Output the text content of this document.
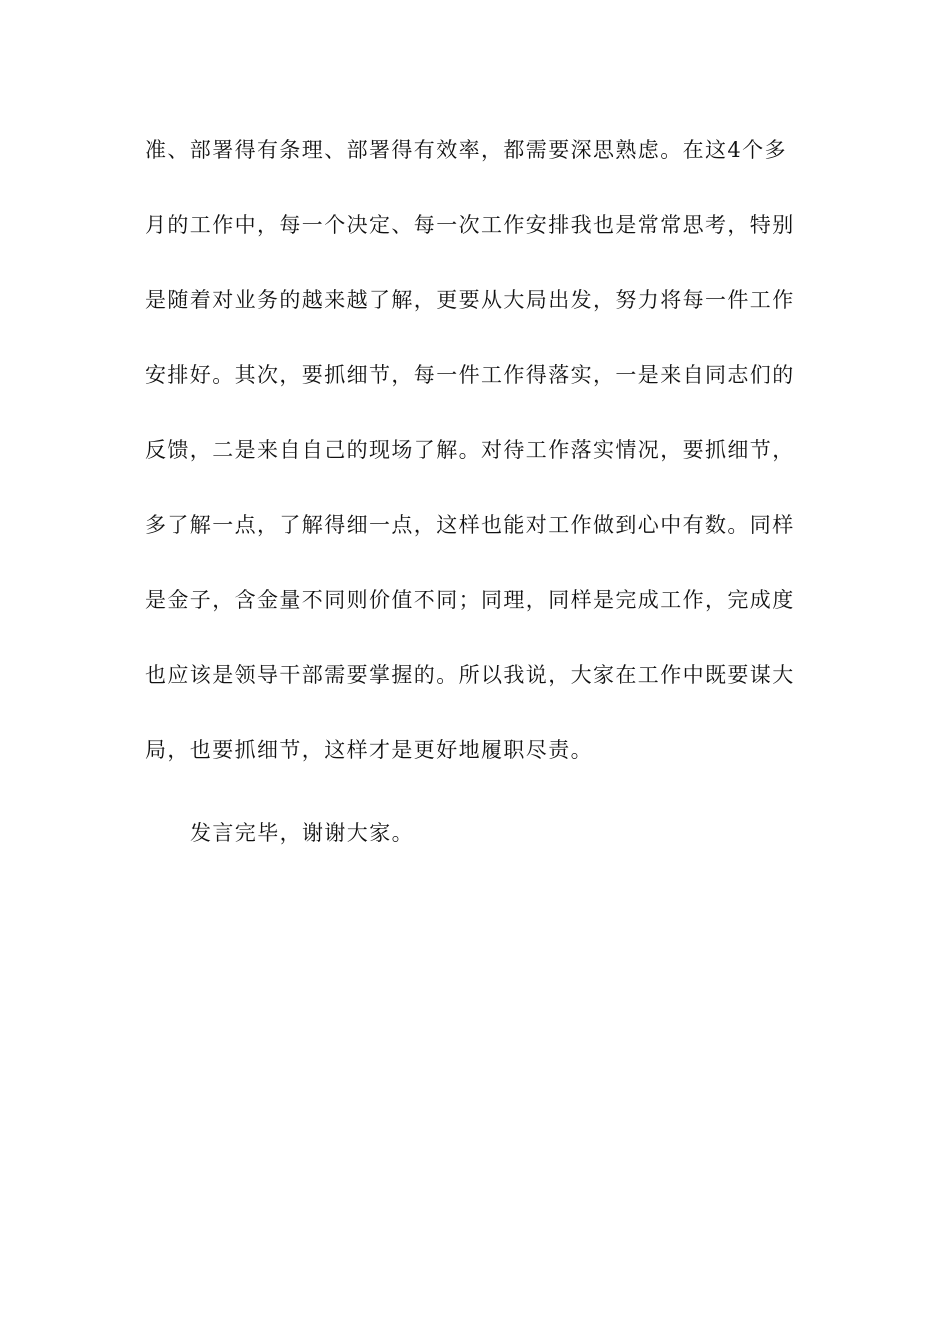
准、部署得有条理、部署得有效率，都需要深思熟虑。在这4个多
月的工作中，每一个决定、每一次工作安排我也是常常思考，特别
是随着对业务的越来越了解，更要从大局出发，努力将每一件工作
安排好。其次，要抓细节，每一件工作得落实，一是来自同志们的
反馈，二是来自自己的现场了解。对待工作落实情况，要抓细节，
多了解一点，了解得细一点，这样也能对工作做到心中有数。同样
是金子，含金量不同则价值不同；同理，同样是完成工作，完成度
也应该是领导干部需要掌握的。所以我说，大家在工作中既要谋大
局，也要抓细节，这样才是更好地履职尽责。
发言完毕，谢谢大家。
